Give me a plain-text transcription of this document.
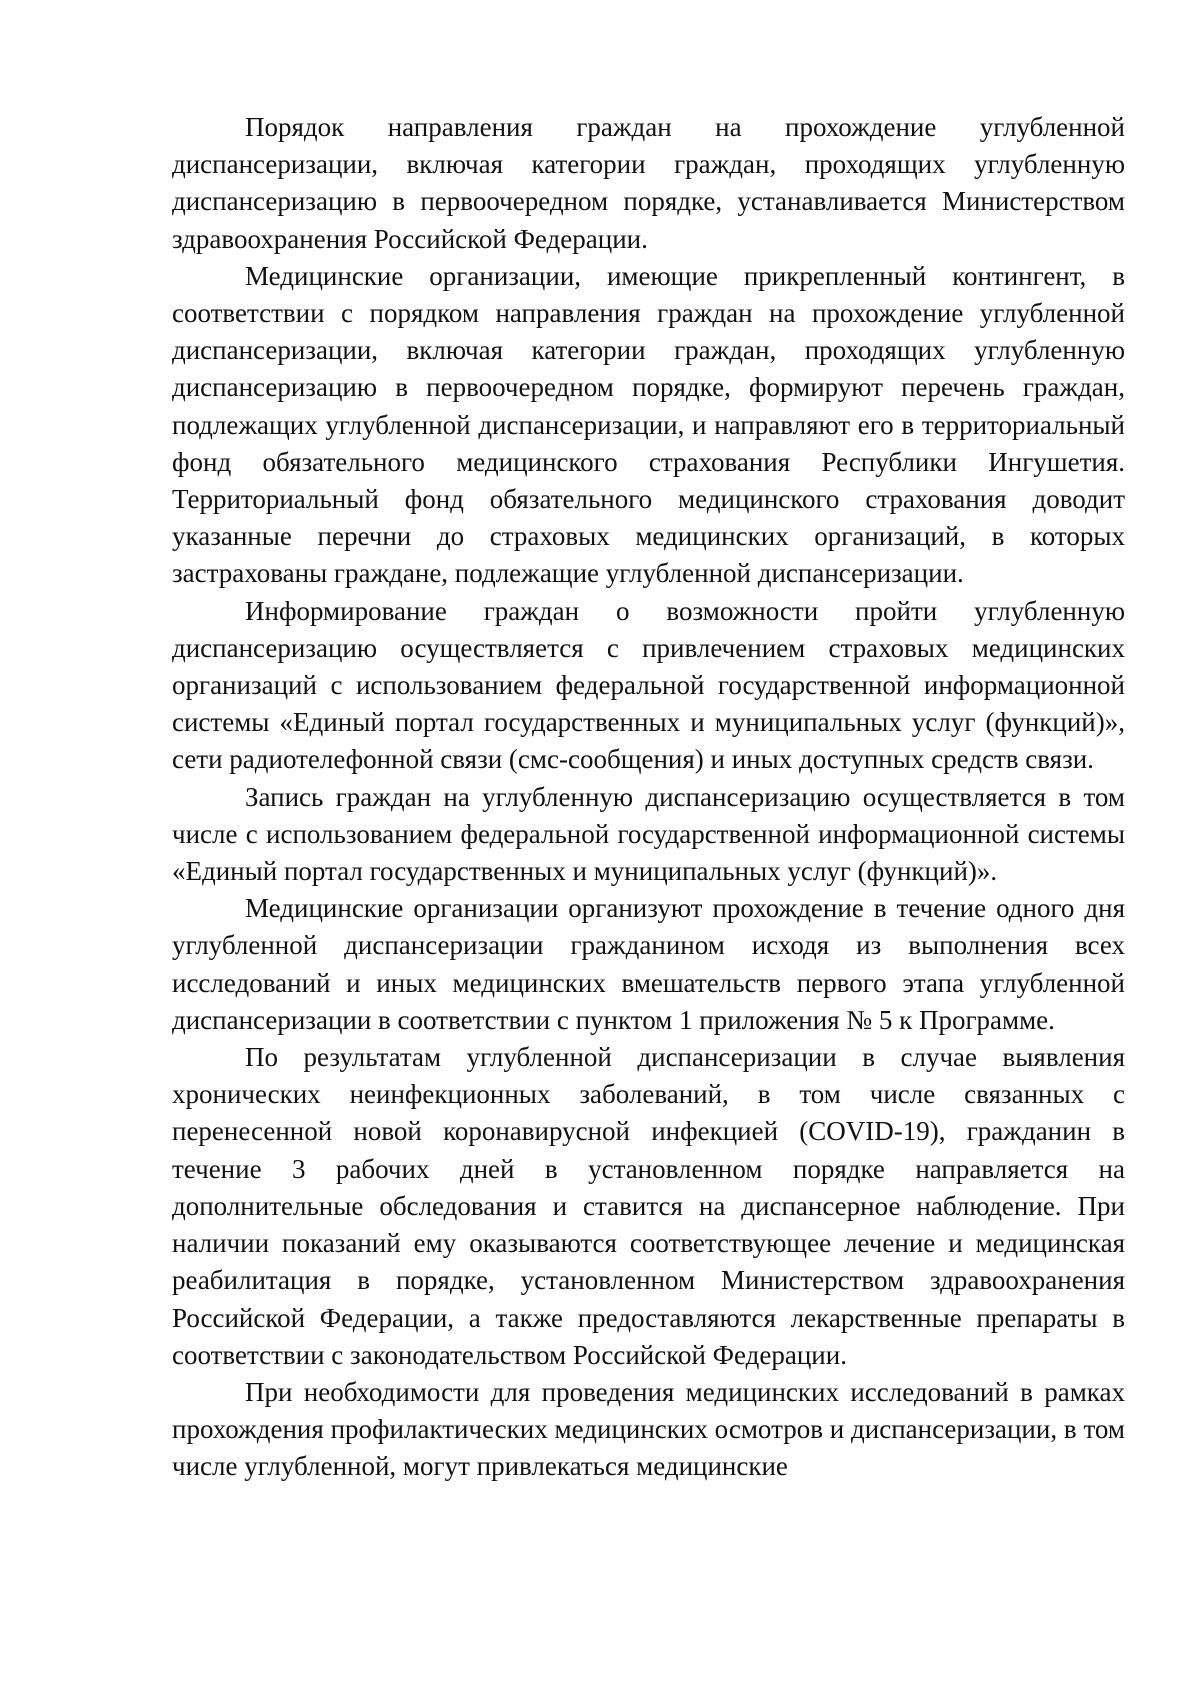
Порядок направления граждан на прохождение углубленной диспансеризации, включая категории граждан, проходящих углубленную диспансеризацию в первоочередном порядке, устанавливается Министерством здравоохранения Российской Федерации.

Медицинские организации, имеющие прикрепленный контингент, в соответствии с порядком направления граждан на прохождение углубленной диспансеризации, включая категории граждан, проходящих углубленную диспансеризацию в первоочередном порядке, формируют перечень граждан, подлежащих углубленной диспансеризации, и направляют его в территориальный фонд обязательного медицинского страхования Республики Ингушетия. Территориальный фонд обязательного медицинского страхования доводит указанные перечни до страховых медицинских организаций, в которых застрахованы граждане, подлежащие углубленной диспансеризации.

Информирование граждан о возможности пройти углубленную диспансеризацию осуществляется с привлечением страховых медицинских организаций с использованием федеральной государственной информационной системы «Единый портал государственных и муниципальных услуг (функций)», сети радиотелефонной связи (смс-сообщения) и иных доступных средств связи.

Запись граждан на углубленную диспансеризацию осуществляется в том числе с использованием федеральной государственной информационной системы «Единый портал государственных и муниципальных услуг (функций)».

Медицинские организации организуют прохождение в течение одного дня углубленной диспансеризации гражданином исходя из выполнения всех исследований и иных медицинских вмешательств первого этапа углубленной диспансеризации в соответствии с пунктом 1 приложения № 5 к Программе.

По результатам углубленной диспансеризации в случае выявления хронических неинфекционных заболеваний, в том числе связанных с перенесенной новой коронавирусной инфекцией (COVID-19), гражданин в течение 3 рабочих дней в установленном порядке направляется на дополнительные обследования и ставится на диспансерное наблюдение. При наличии показаний ему оказываются соответствующее лечение и медицинская реабилитация в порядке, установленном Министерством здравоохранения Российской Федерации, а также предоставляются лекарственные препараты в соответствии с законодательством Российской Федерации.

При необходимости для проведения медицинских исследований в рамках прохождения профилактических медицинских осмотров и диспансеризации, в том числе углубленной, могут привлекаться медицинские
